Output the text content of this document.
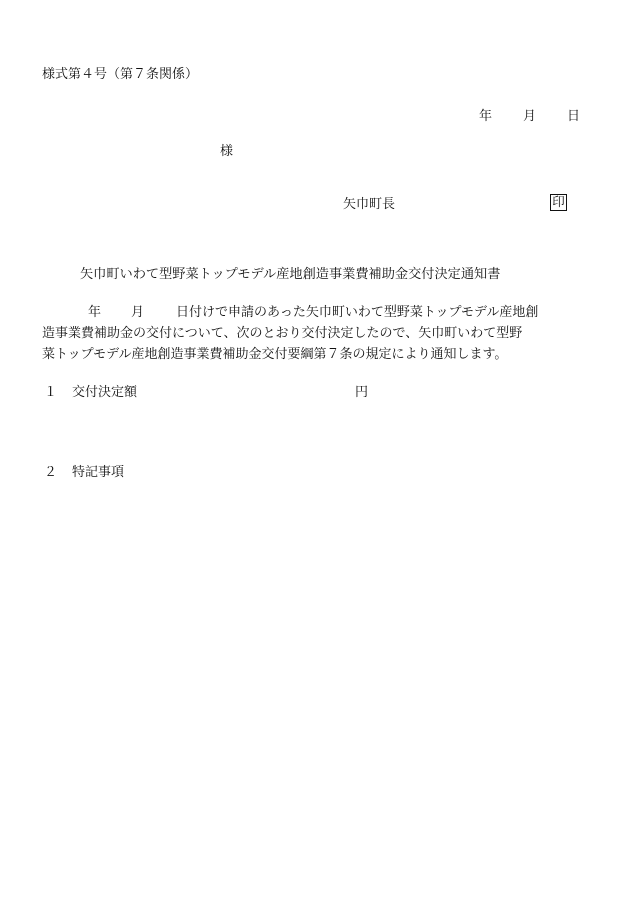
様式第４号（第７条関係）
年 月 日
様
矢巾町長	印
矢巾町いわて型野菜トップモデル産地創造事業費補助金交付決定通知書
年 月 日付けで申請のあった矢巾町いわて型野菜トップモデル産地創
造事業費補助金の交付について、次のとおり交付決定したので、矢巾町いわて型野
菜トップモデル産地創造事業費補助金交付要綱第７条の規定により通知します。
１ 交付決定額	円
２ 特記事項
